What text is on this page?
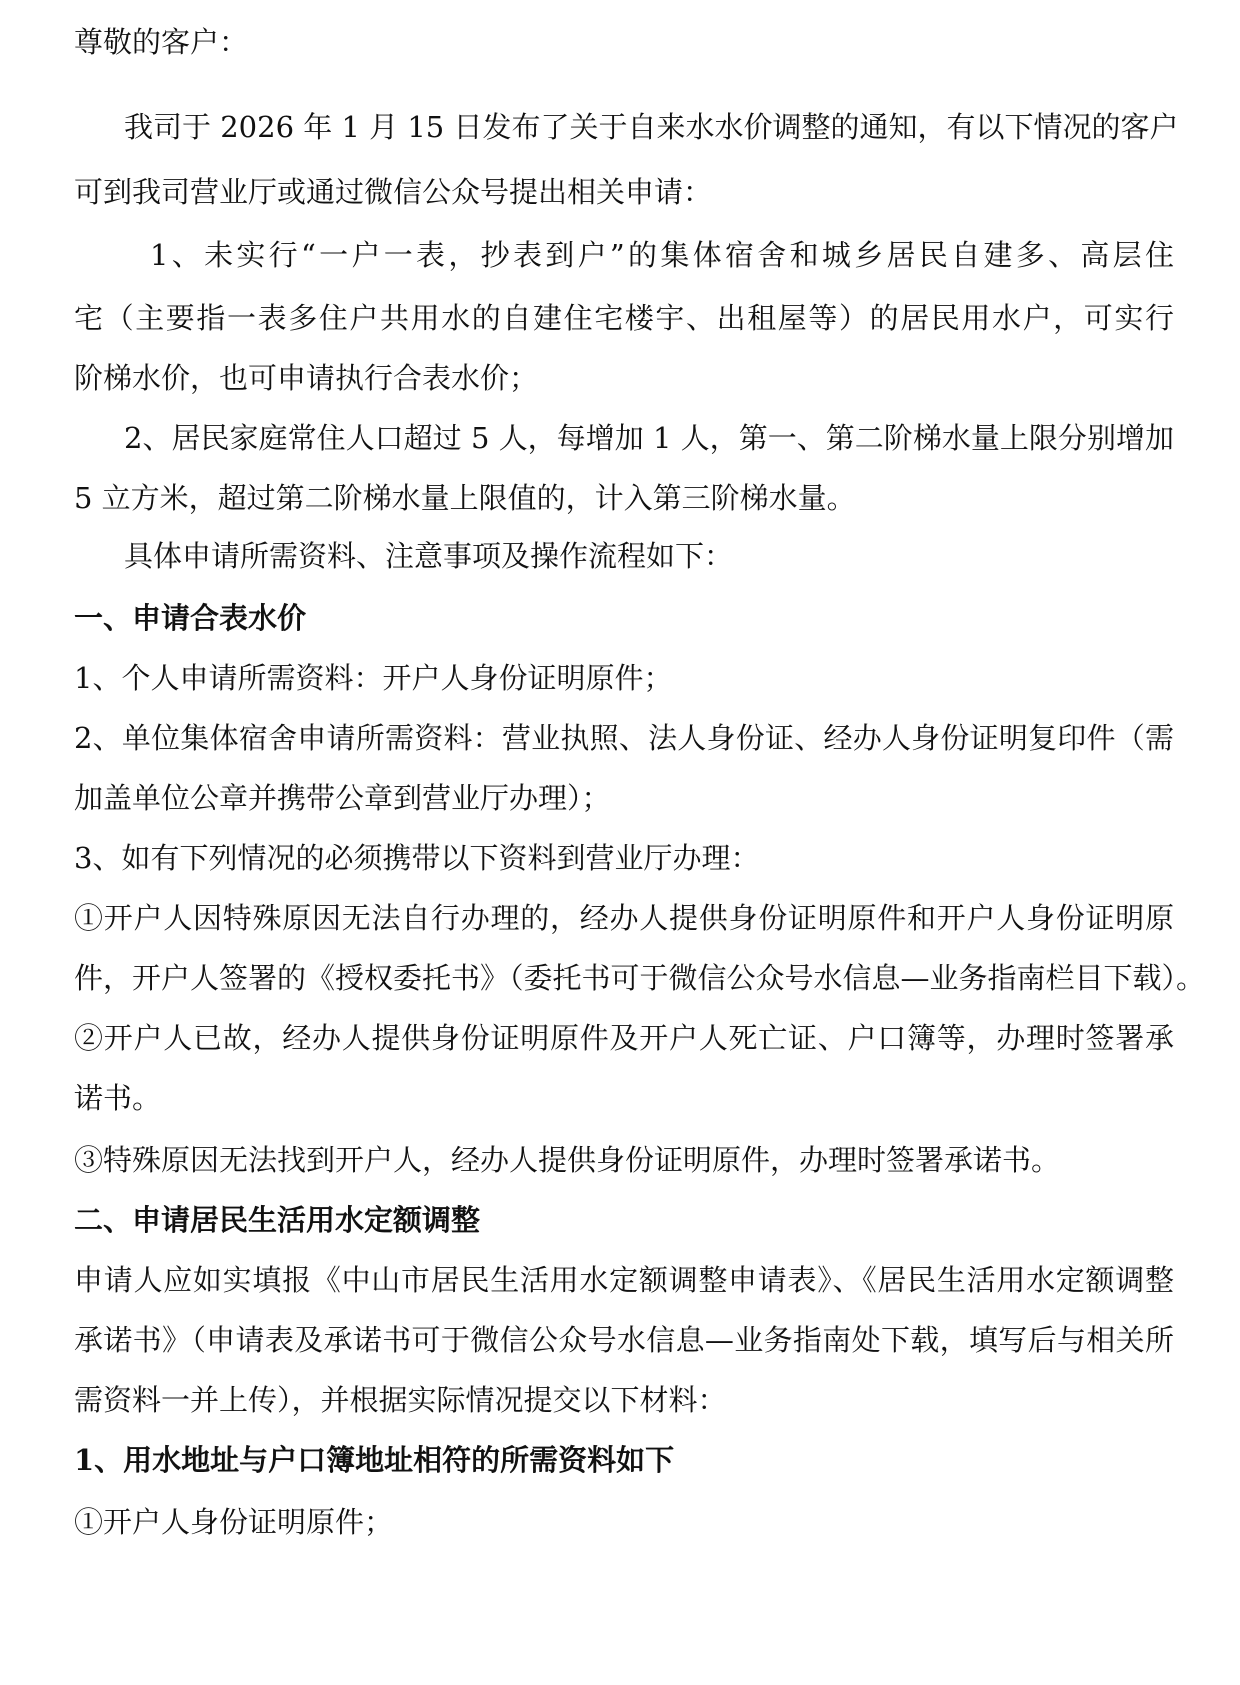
尊敬的客户：
我司于 2026 年 1 月 15 日发布了关于自来水水价调整的通知，有以下情况的客户
可到我司营业厅或通过微信公众号提出相关申请：
1、未实行“一户一表，抄表到户”的集体宿舍和城乡居民自建多、高层住
宅（主要指一表多住户共用水的自建住宅楼宇、出租屋等）的居民用水户，可实行
阶梯水价，也可申请执行合表水价；
2、居民家庭常住人口超过 5 人，每增加 1 人，第一、第二阶梯水量上限分别增加
5 立方米，超过第二阶梯水量上限值的，计入第三阶梯水量。
具体申请所需资料、注意事项及操作流程如下：
一、申请合表水价
1、个人申请所需资料：开户人身份证明原件；
2、单位集体宿舍申请所需资料：营业执照、法人身份证、经办人身份证明复印件（需
加盖单位公章并携带公章到营业厅办理）；
3、如有下列情况的必须携带以下资料到营业厅办理：
①开户人因特殊原因无法自行办理的，经办人提供身份证明原件和开户人身份证明原
件，开户人签署的《授权委托书》（委托书可于微信公众号水信息—业务指南栏目下载）。
②开户人已故，经办人提供身份证明原件及开户人死亡证、户口簿等，办理时签署承
诺书。
③特殊原因无法找到开户人，经办人提供身份证明原件，办理时签署承诺书。
二、申请居民生活用水定额调整
申请人应如实填报《中山市居民生活用水定额调整申请表》、《居民生活用水定额调整
承诺书》（申请表及承诺书可于微信公众号水信息—业务指南处下载，填写后与相关所
需资料一并上传），并根据实际情况提交以下材料：
1、用水地址与户口簿地址相符的所需资料如下
①开户人身份证明原件；
